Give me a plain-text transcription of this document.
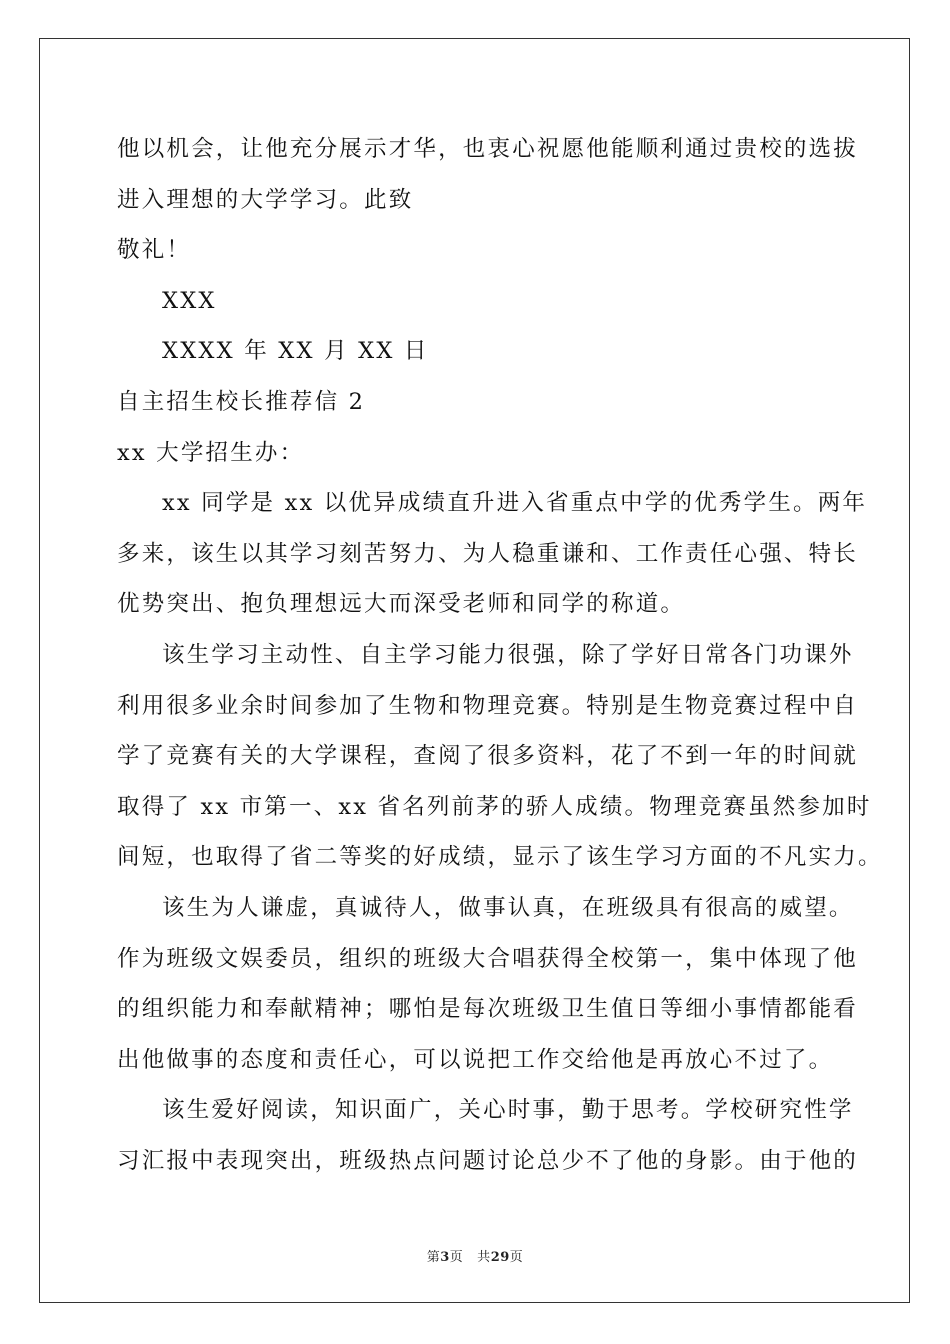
他以机会，让他充分展示才华，也衷心祝愿他能顺利通过贵校的选拔
进入理想的大学学习。此致
敬礼！
XXX
XXXX 年 XX 月 XX 日
自主招生校长推荐信 2
xx 大学招生办：
xx 同学是 xx 以优异成绩直升进入省重点中学的优秀学生。两年
多来，该生以其学习刻苦努力、为人稳重谦和、工作责任心强、特长
优势突出、抱负理想远大而深受老师和同学的称道。
该生学习主动性、自主学习能力很强，除了学好日常各门功课外
利用很多业余时间参加了生物和物理竞赛。特别是生物竞赛过程中自
学了竞赛有关的大学课程，查阅了很多资料，花了不到一年的时间就
取得了 xx 市第一、xx 省名列前茅的骄人成绩。物理竞赛虽然参加时
间短，也取得了省二等奖的好成绩，显示了该生学习方面的不凡实力。
该生为人谦虚，真诚待人，做事认真，在班级具有很高的威望。
作为班级文娱委员，组织的班级大合唱获得全校第一，集中体现了他
的组织能力和奉献精神；哪怕是每次班级卫生值日等细小事情都能看
出他做事的态度和责任心，可以说把工作交给他是再放心不过了。
该生爱好阅读，知识面广，关心时事，勤于思考。学校研究性学
习汇报中表现突出，班级热点问题讨论总少不了他的身影。由于他的
第3页 共29页
